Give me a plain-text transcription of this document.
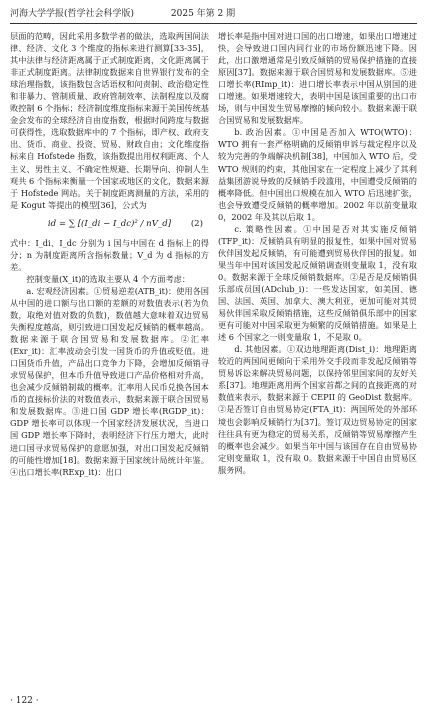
河海大学学报(哲学社会科学版)	2025 年第 2 期

层面的范畴，因此采用多数学者的做法，选取两国间法律、经济、文化 3 个维度的指标来进行测算[33-35]，其中法律与经济距离属于正式制度距离，文化距离属于非正式制度距离。法律制度数据来自世界银行发布的全球治理指数，该指数包含话语权和问责制、政治稳定性和非暴力、管制质量、政府管制效率、法制程度以及腐败控制 6 个指标；经济制度维度指标来源于美国传统基金会发布的全球经济自由度指数，根据时间跨度与数据可获得性，选取数据库中的 7 个指标，即产权、政府支出、货币、商业、投资、贸易、财政自由；文化维度指标来自 Hofstede 指数，该指数提出用权利距离、个人主义、男性主义、不确定性规避、长期导向、抑制人生观共 6 个指标来衡量一个国家或地区的文化，数据来源于 Hofstede 网站。关于制度距离测量的方法，采用的是 Kogut 等提出的模型[36]，公式为

id
= ∑ [(I_di − I_dc)² / nV_d] (2)

式中：I_di、I_dc 分别为 i 国与中国在 d 指标上的得分；n 为制度距离所含指标数量；V_d 为 d 指标的方差。

控制变量(X_it)的选取主要从 4 个方面考虑：

a. 宏观经济因素。①贸易逆差(ATB_it)：使用各国从中国的进口额与出口额的差额的对数值表示(若为负数，取绝对值对数的负数)，数值越大意味着双边贸易失衡程度越高，则引致进口国发起反倾销的概率越高。数据来源于联合国贸易和发展数据库。②汇率(Exr_it)：汇率波动会引发一国货币的升值或贬值。进口国货币升值，产品出口竞争力下降，会增加反倾销寻求贸易保护，但本币升值导致进口产品价格相对升高，也会减少反倾销制裁的概率。汇率用人民币兑换各国本币的直接标价法的对数值表示，数据来源于联合国贸易和发展数据库。③进口国 GDP 增长率(RGDP_it)：GDP 增长率可以体现一个国家经济发展状况，当进口国 GDP 增长率下降时，表明经济下行压力增大，此时进口国寻求贸易保护的意愿加强，对出口国发起反倾销的可能性增加[18]。数据来源于国家统计局统计年鉴。④出口增长率(RExp_it)：出口

增长率是指中国对进口国的出口增速，如果出口增速过快，会导致进口国内同行业的市场份额迅速下降。因此，出口激增通常是引致反倾销的贸易保护措施的直接原因[37]。数据来源于联合国贸易和发展数据库。⑤进口增长率(RImp_it)：进口增长率表示中国从别国的进口增速。如果增速较大，表明中国是该国重要的出口市场，则与中国发生贸易摩擦的倾向较小。数据来源于联合国贸易和发展数据库。

b. 政治因素。①中国是否加入 WTO(WTO)：WTO 拥有一套严格明确的反倾销申诉与裁定程序以及较为完善的争端解决机制[38]，中国加入 WTO 后，受 WTO 规则的约束，其他国家在一定程度上减少了其利益集团游说导致的反倾销手段滥用，中国遭受反倾销的概率降低。但中国出口规模在加入 WTO 后迅速扩张，也会导致遭受反倾销的概率增加。2002 年以前变量取 0，2002 年及其以后取 1。

c. 策略性因素。①中国是否对其实施反倾销(TFP_it)：反倾销具有明显的报复性，如果中国对贸易伙伴国发起反倾销，有可能遭到贸易伙伴国的报复。如果当年中国对该国发起反倾销调查则变量取 1，没有取 0。数据来源于全球反倾销数据库。②是否是反倾销俱乐部成员国(ADclub_i)：一些发达国家，如美国、德国、法国、英国、加拿大、澳大利亚，更加可能对其贸易伙伴国采取反倾销措施，这些反倾销俱乐部中的国家更有可能对中国采取更为频繁的反倾销措施。如果是上述 6 个国家之一则变量取 1，不是取 0。

d. 其他因素。①双边地理距离(Dist_i)：地理距离较近的两国间更倾向于采用外交手段而非发起反倾销等贸易诉讼来解决贸易问题，以保持邻里国家间的友好关系[37]。地理距离用两个国家首都之间的直接距离的对数值来表示，数据来源于 CEPII 的 GeoDist 数据库。②是否签订自由贸易协定(FTA_it)：两国所处的外部环境也会影响反倾销行为[37]。签订双边贸易协定的国家往往具有更为稳定的贸易关系，反倾销等贸易摩擦产生的概率也会减少。如果当年中国与该国存在自由贸易协定则变量取 1，没有取 0。数据来源于中国自由贸易区服务网。

· 122 ·
